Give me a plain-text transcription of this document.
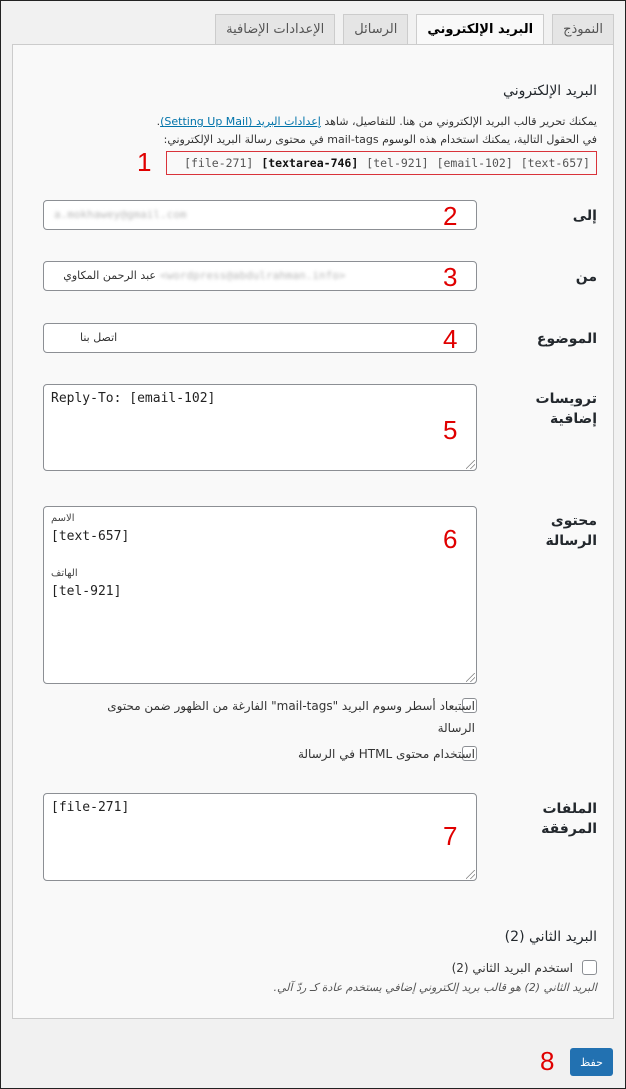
النموذج
البريد الإلكتروني
الرسائل
الإعدادات الإضافية
البريد الإلكتروني
يمكنك تحرير قالب البريد الإلكتروني من هنا. للتفاصيل، شاهد إعدادات البريد (Setting Up Mail).
في الحقول التالية، يمكنك استخدام هذه الوسوم mail-tags في محتوى رسالة البريد الإلكتروني:
[file-271] [textarea-746] [tel-921] [email-102] [text-657]
1
إلى
a.mokhawey@gmail.com	2
من
عبد الرحمن المكاوي <wordpress@abdulrahman.info>	3
الموضوع
اتصل بنا	4
ترويسات
إضافية
Reply-To: [email-102]
5
محتوى
الرسالة
الاسم
[text-657]
الهاتف
[tel-921]
6
استبعاد أسطر وسوم البريد "mail-tags" الفارغة من الظهور ضمن محتوى
الرسالة
استخدام محتوى HTML في الرسالة
الملفات
المرفقة
[file-271]
7
البريد الثاني (2)
استخدم البريد الثاني (2)
البريد الثاني (2) هو قالب بريد إلكتروني إضافي يستخدم عادة كـ ردّ آلي.
8	حفظ
